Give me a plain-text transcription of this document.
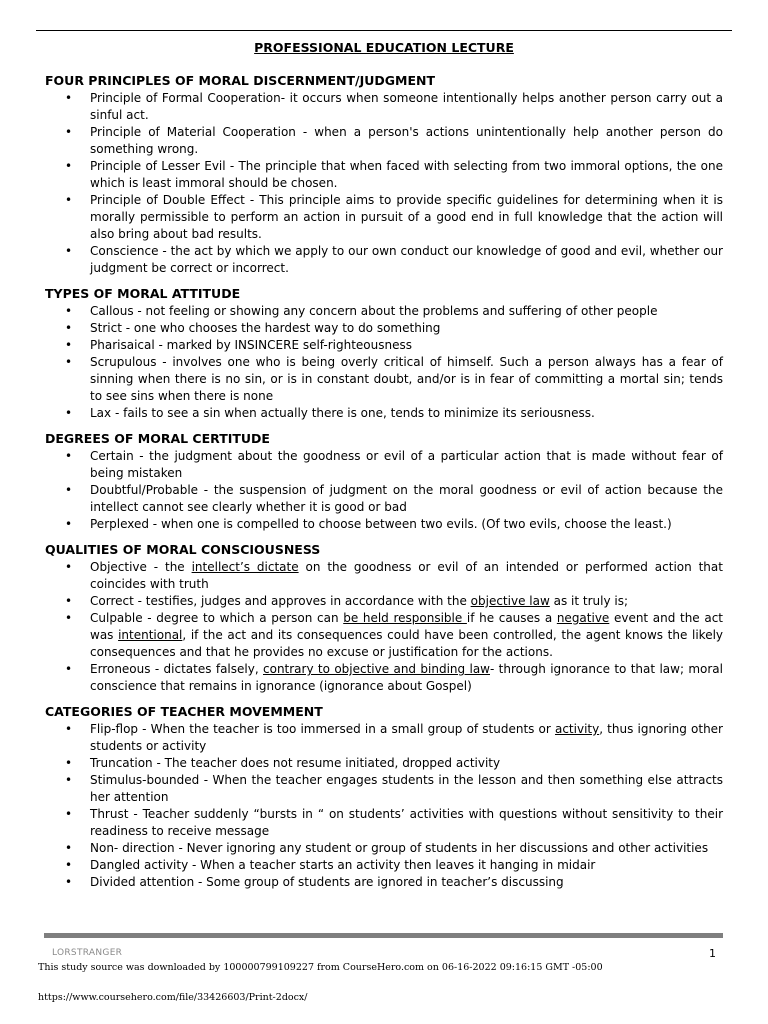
PROFESSIONAL EDUCATION LECTURE
FOUR PRINCIPLES OF MORAL DISCERNMENT/JUDGMENT
• Principle of Formal Cooperation- it occurs when someone intentionally helps another person carry out a sinful act.
• Principle of Material Cooperation - when a person's actions unintentionally help another person do something wrong.
• Principle of Lesser Evil - The principle that when faced with selecting from two immoral options, the one which is least immoral should be chosen.
• Principle of Double Effect - This principle aims to provide specific guidelines for determining when it is morally permissible to perform an action in pursuit of a good end in full knowledge that the action will also bring about bad results.
• Conscience - the act by which we apply to our own conduct our knowledge of good and evil, whether our judgment be correct or incorrect.
TYPES OF MORAL ATTITUDE
• Callous - not feeling or showing any concern about the problems and suffering of other people
• Strict - one who chooses the hardest way to do something
• Pharisaical - marked by INSINCERE self-righteousness
• Scrupulous - involves one who is being overly critical of himself. Such a person always has a fear of sinning when there is no sin, or is in constant doubt, and/or is in fear of committing a mortal sin; tends to see sins when there is none
• Lax - fails to see a sin when actually there is one, tends to minimize its seriousness.
DEGREES OF MORAL CERTITUDE
• Certain - the judgment about the goodness or evil of a particular action that is made without fear of being mistaken
• Doubtful/Probable - the suspension of judgment on the moral goodness or evil of action because the intellect cannot see clearly whether it is good or bad
• Perplexed - when one is compelled to choose between two evils. (Of two evils, choose the least.)
QUALITIES OF MORAL CONSCIOUSNESS
• Objective - the intellect’s dictate on the goodness or evil of an intended or performed action that coincides with truth
• Correct - testifies, judges and approves in accordance with the objective law as it truly is;
• Culpable - degree to which a person can be held responsible if he causes a negative event and the act was intentional, if the act and its consequences could have been controlled, the agent knows the likely consequences and that he provides no excuse or justification for the actions.
• Erroneous - dictates falsely, contrary to objective and binding law- through ignorance to that law; moral conscience that remains in ignorance (ignorance about Gospel)
CATEGORIES OF TEACHER MOVEMMENT
• Flip-flop - When the teacher is too immersed in a small group of students or activity, thus ignoring other students or activity
• Truncation - The teacher does not resume initiated, dropped activity
• Stimulus-bounded - When the teacher engages students in the lesson and then something else attracts her attention
• Thrust - Teacher suddenly “bursts in “ on students’ activities with questions without sensitivity to their readiness to receive message
• Non- direction - Never ignoring any student or group of students in her discussions and other activities
• Dangled activity - When a teacher starts an activity then leaves it hanging in midair
• Divided attention - Some group of students are ignored in teacher’s discussing
LORSTRANGER	1
This study source was downloaded by 100000799109227 from CourseHero.com on 06-16-2022 09:16:15 GMT -05:00
https://www.coursehero.com/file/33426603/Print-2docx/
